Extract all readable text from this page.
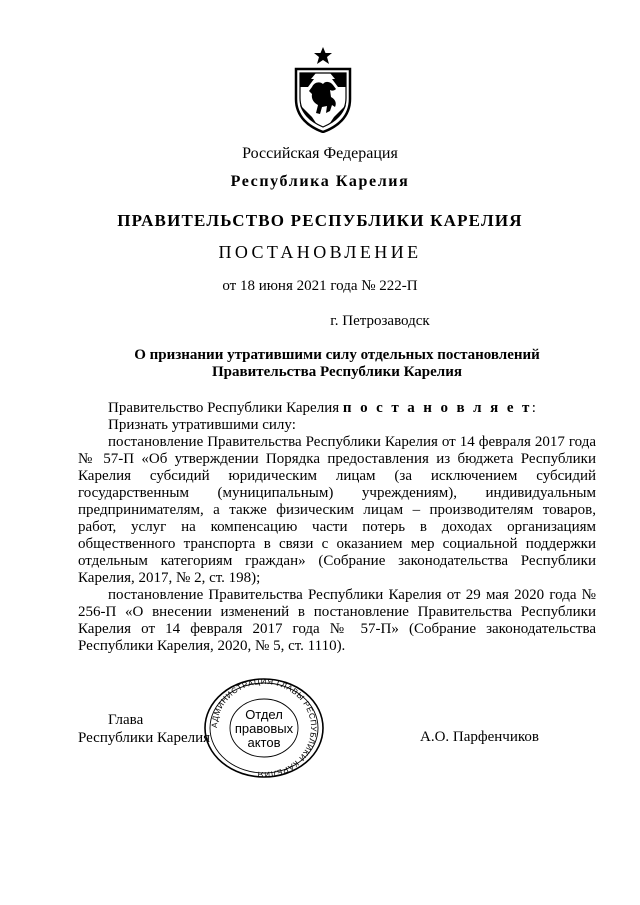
Российская Федерация
Республика Карелия
ПРАВИТЕЛЬСТВО РЕСПУБЛИКИ КАРЕЛИЯ
ПОСТАНОВЛЕНИЕ
от 18 июня 2021 года № 222-П
г. Петрозаводск
О признании утратившими силу отдельных постановлений
Правительства Республики Карелия

Правительство Республики Карелия п о с т а н о в л я е т:

Признать утратившими силу:

постановление Правительства Республики Карелия от 14 февраля 2017 года № 57-П «Об утверждении Порядка предоставления из бюджета Республики Карелия субсидий юридическим лицам (за исключением субсидий государственным (муниципальным) учреждениям), индивидуальным предпринимателям, а также физическим лицам – производителям товаров, работ, услуг на компенсацию части потерь в доходах организациям общественного транспорта в связи с оказанием мер социальной поддержки отдельным категориям граждан» (Собрание законодательства Республики Карелия, 2017, № 2, ст. 198);

постановление Правительства Республики Карелия от 29 мая 2020 года № 256-П «О внесении изменений в постановление Правительства Республики Карелия от 14 февраля 2017 года № 57-П» (Собрание законодательства Республики Карелия, 2020, № 5, ст. 1110).

Глава
Республики Карелия	А.О. Парфенчиков
АДМИНИСТРАЦИЯ ГЛАВЫ РЕСПУБЛИКИ КАРЕЛИЯ
Отдел
правовых
актов
